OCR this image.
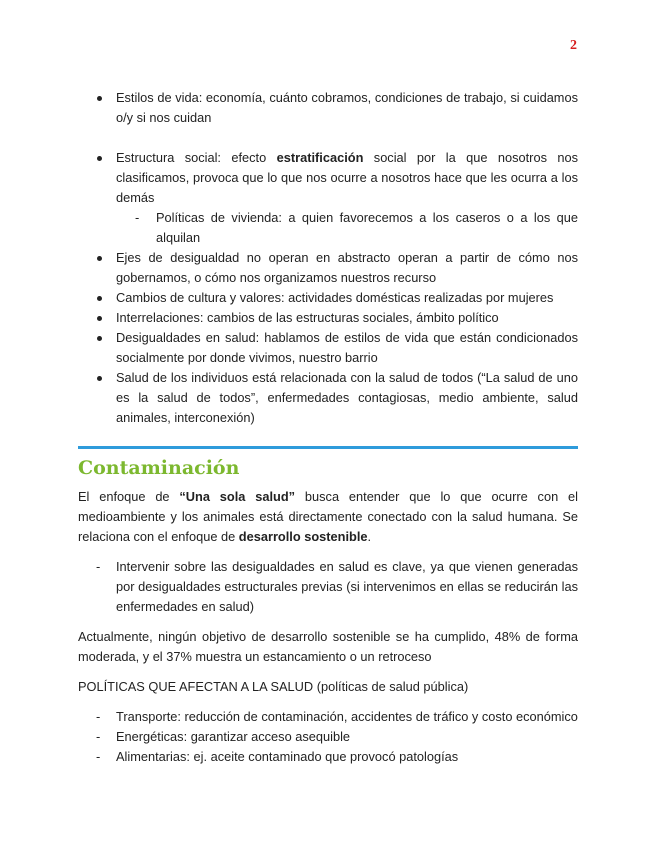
2
Estilos de vida: economía, cuánto cobramos, condiciones de trabajo, si cuidamos o/y si nos cuidan
Estructura social: efecto estratificación social por la que nosotros nos clasificamos, provoca que lo que nos ocurre a nosotros hace que les ocurra a los demás
- Políticas de vivienda: a quien favorecemos a los caseros o a los que alquilan
Ejes de desigualdad no operan en abstracto operan a partir de cómo nos gobernamos, o cómo nos organizamos nuestros recurso
Cambios de cultura y valores: actividades domésticas realizadas por mujeres
Interrelaciones: cambios de las estructuras sociales, ámbito político
Desigualdades en salud: hablamos de estilos de vida que están condicionados socialmente por donde vivimos, nuestro barrio
Salud de los individuos está relacionada con la salud de todos (“La salud de uno es la salud de todos”, enfermedades contagiosas, medio ambiente, salud animales, interconexión)
Contaminación

El enfoque de “Una sola salud” busca entender que lo que ocurre con el medioambiente y los animales está directamente conectado con la salud humana. Se relaciona con el enfoque de desarrollo sostenible.

- Intervenir sobre las desigualdades en salud es clave, ya que vienen generadas por desigualdades estructurales previas (si intervenimos en ellas se reducirán las enfermedades en salud)

Actualmente, ningún objetivo de desarrollo sostenible se ha cumplido, 48% de forma moderada, y el 37% muestra un estancamiento o un retroceso

POLÍTICAS QUE AFECTAN A LA SALUD (políticas de salud pública)

- Transporte: reducción de contaminación, accidentes de tráfico y costo económico
- Energéticas: garantizar acceso asequible
- Alimentarias: ej. aceite contaminado que provocó patologías
